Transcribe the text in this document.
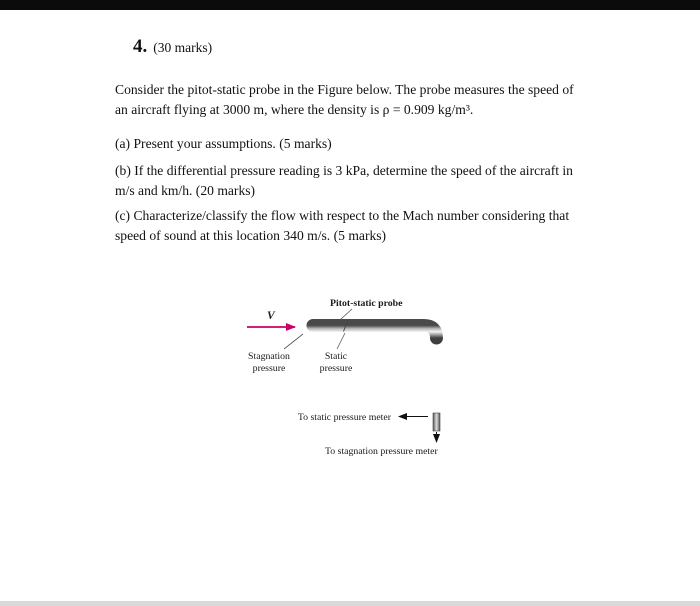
4. (30 marks)
Consider the pitot-static probe in the Figure below. The probe measures the speed of an aircraft flying at 3000 m, where the density is ρ = 0.909 kg/m³.
(a) Present your assumptions. (5 marks)
(b) If the differential pressure reading is 3 kPa, determine the speed of the aircraft in m/s and km/h. (20 marks)
(c) Characterize/classify the flow with respect to the Mach number considering that speed of sound at this location 340 m/s. (5 marks)
V
Pitot-static probe
Stagnation
pressure
Static
pressure
To static pressure meter
To stagnation pressure meter
